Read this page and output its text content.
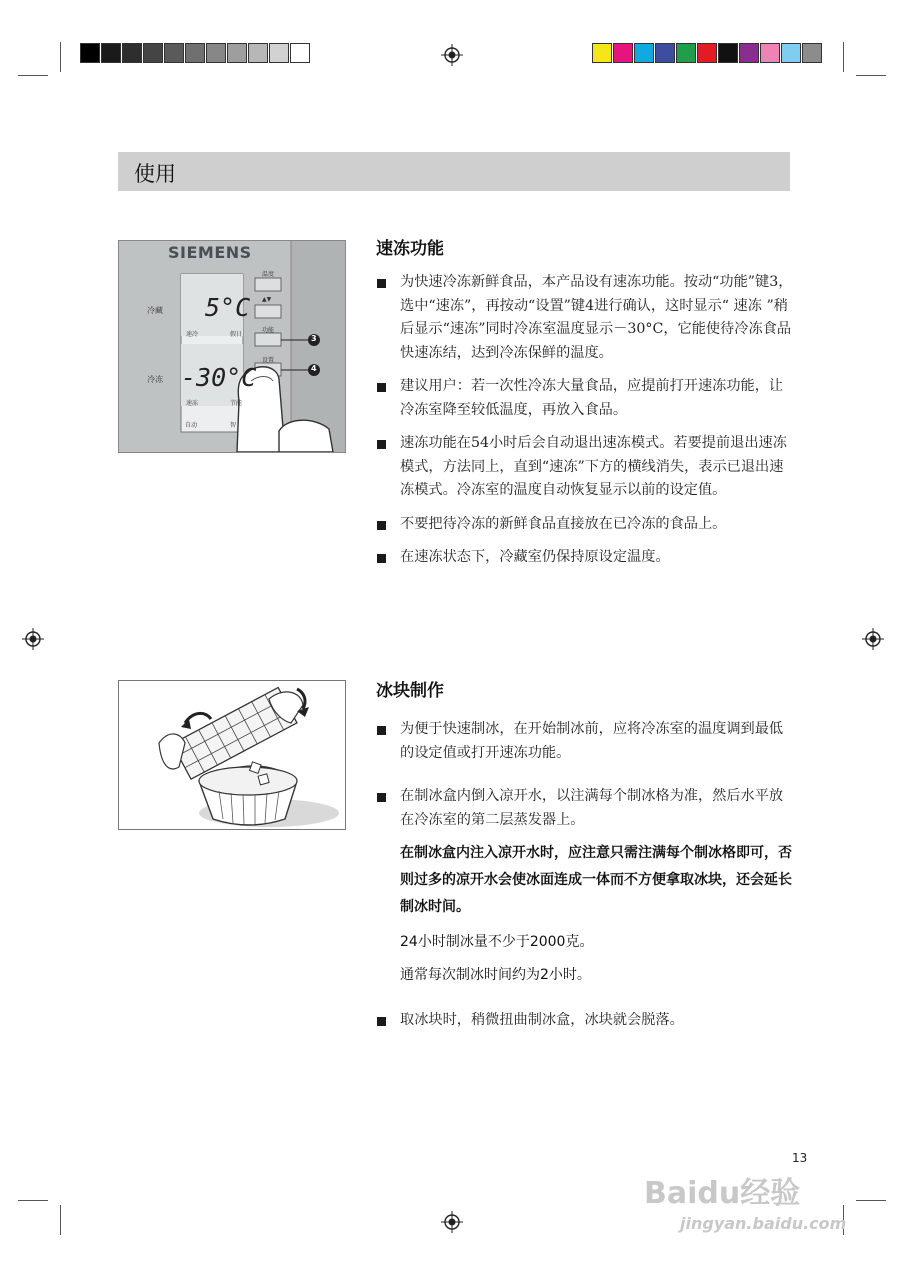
使用
SIEMENS
冷藏
冷冻
5°C
-30°C
速冷	假日
速冻	节能
自动	智
温度
▲▼
功能
设置
3
4
速冻功能
为快速冷冻新鲜食品，本产品设有速冻功能。按动“功能”键3，选中“速冻”，再按动“设置”键4进行确认，这时显示“ 速冻 ”稍后显示“速冻”同时冷冻室温度显示－30°C，它能使待冷冻食品快速冻结，达到冷冻保鲜的温度。
建议用户：若一次性冷冻大量食品，应提前打开速冻功能，让冷冻室降至较低温度，再放入食品。
速冻功能在54小时后会自动退出速冻模式。若要提前退出速冻模式，方法同上，直到“速冻”下方的横线消失，表示已退出速冻模式。冷冻室的温度自动恢复显示以前的设定值。
不要把待冷冻的新鲜食品直接放在已冷冻的食品上。
在速冻状态下，冷藏室仍保持原设定温度。
冰块制作
为便于快速制冰，在开始制冰前，应将冷冻室的温度调到最低的设定值或打开速冻功能。
在制冰盒内倒入凉开水，以注满每个制冰格为准，然后水平放在冷冻室的第二层蒸发器上。

在制冰盒内注入凉开水时，应注意只需注满每个制冰格即可，否则过多的凉开水会使冰面连成一体而不方便拿取冰块，还会延长制冰时间。

24小时制冰量不少于2000克。

通常每次制冰时间约为2小时。

取冰块时，稍微扭曲制冰盒，冰块就会脱落。
13
Baidu经验
jingyan.baidu.com
